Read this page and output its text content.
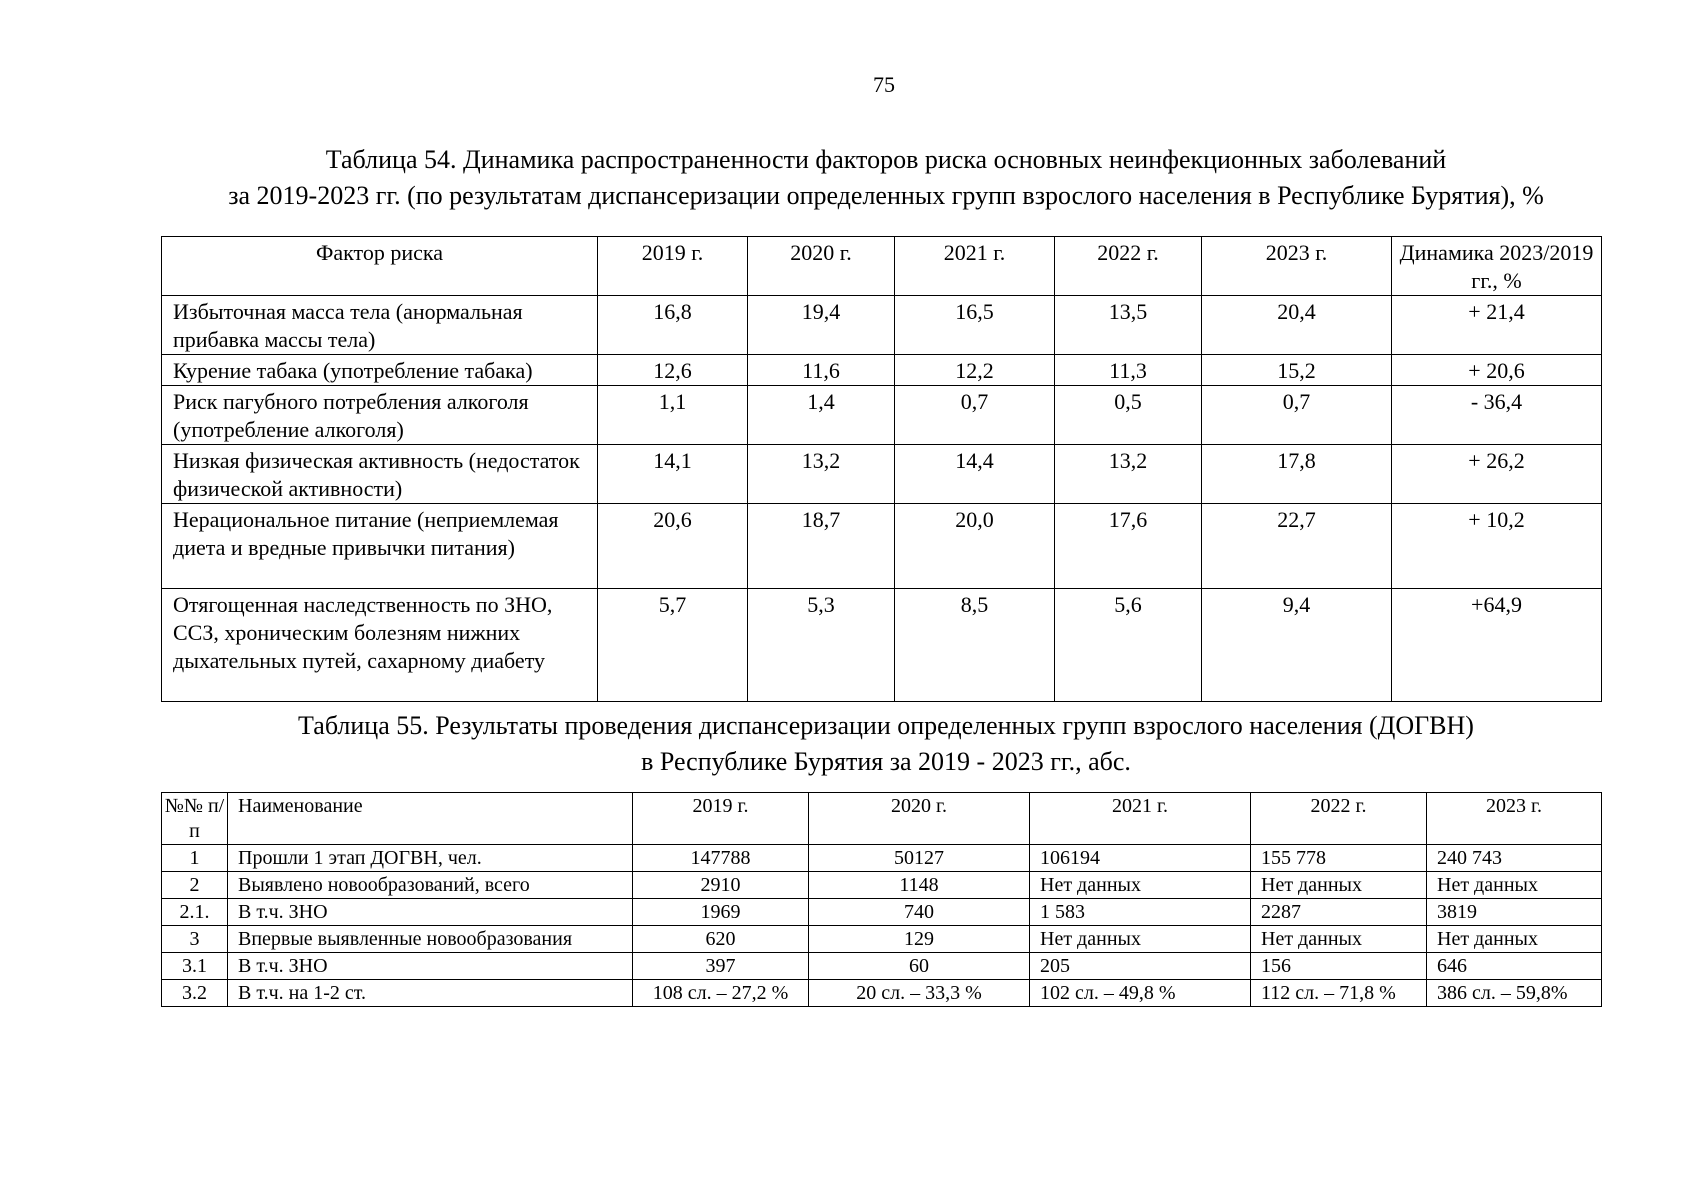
75
Таблица 54. Динамика распространенности факторов риска основных неинфекционных заболеваний
за 2019-2023 гг. (по результатам диспансеризации определенных групп взрослого населения в Республике Бурятия), %
Фактор риска	2019 г.	2020 г.	2021 г.	2022 г.	2023 г.	Динамика 2023/2019 гг., %
Избыточная масса тела (анормальная прибавка массы тела)	16,8	19,4	16,5	13,5	20,4	+ 21,4
Курение табака (употребление табака)	12,6	11,6	12,2	11,3	15,2	+ 20,6
Риск пагубного потребления алкоголя (употребление алкоголя)	1,1	1,4	0,7	0,5	0,7	- 36,4
Низкая физическая активность (недостаток физической активности)	14,1	13,2	14,4	13,2	17,8	+ 26,2
Нерациональное питание (неприемлемая диета и вредные привычки питания)	20,6	18,7	20,0	17,6	22,7	+ 10,2
Отягощенная наследственность по ЗНО, ССЗ, хроническим болезням нижних дыхательных путей, сахарному диабету	5,7	5,3	8,5	5,6	9,4	+64,9
Таблица 55. Результаты проведения диспансеризации определенных групп взрослого населения (ДОГВН)
в Республике Бурятия за 2019 - 2023 гг., абс.
№№ п/п	Наименование	2019 г.	2020 г.	2021 г.	2022 г.	2023 г.
1	Прошли 1 этап ДОГВН, чел.	147788	50127	106194	155 778	240 743
2	Выявлено новообразований, всего	2910	1148	Нет данных	Нет данных	Нет данных
2.1.	В т.ч. ЗНО	1969	740	1 583	2287	3819
3	Впервые выявленные новообразования	620	129	Нет данных	Нет данных	Нет данных
3.1	В т.ч. ЗНО	397	60	205	156	646
3.2	В т.ч. на 1-2 ст.	108 сл. – 27,2 %	20 сл. – 33,3 %	102 сл. – 49,8 %	112 сл. – 71,8 %	386 сл. – 59,8%
